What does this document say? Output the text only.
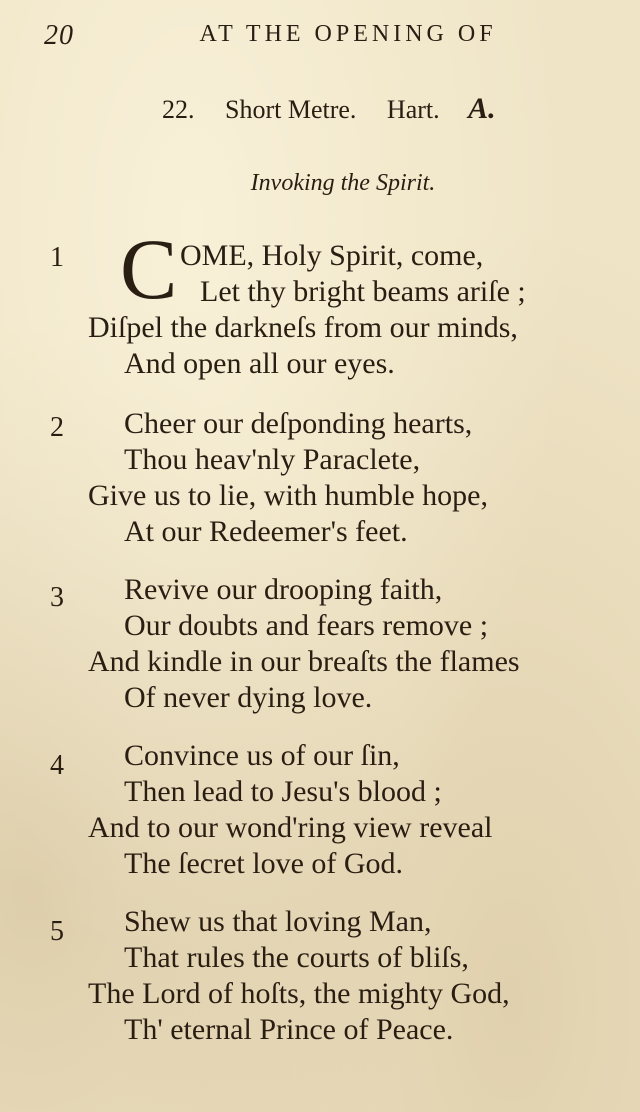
20	AT THE OPENING OF
22. Short Metre. Hart. A.
Invoking the Spirit.
1 C OME, Holy Spirit, come,
Let thy bright beams ariſe ;
Diſpel the darkneſs from our minds,
And open all our eyes.
2 Cheer our deſponding hearts,
Thou heav'nly Paraclete,
Give us to lie, with humble hope,
At our Redeemer's feet.
3 Revive our drooping faith,
Our doubts and fears remove ;
And kindle in our breaſts the flames
Of never dying love.
4 Convince us of our ſin,
Then lead to Jesu's blood ;
And to our wond'ring view reveal
The ſecret love of God.
5 Shew us that loving Man,
That rules the courts of bliſs,
The Lord of hoſts, the mighty God,
Th' eternal Prince of Peace.
